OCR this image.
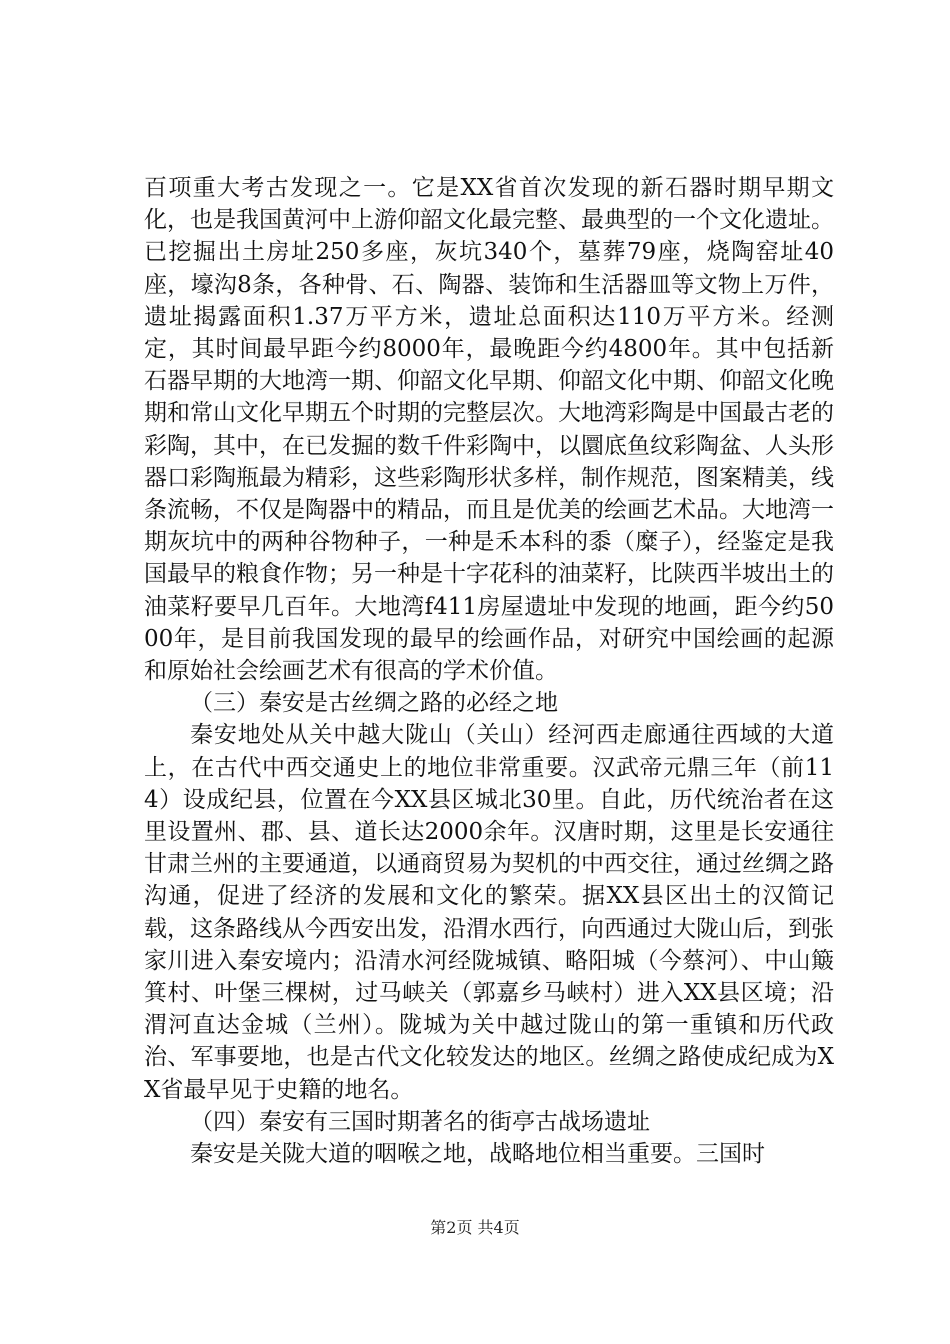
百项重大考古发现之一。它是XX省首次发现的新石器时期早期文化，也是我国黄河中上游仰韶文化最完整、最典型的一个文化遗址。已挖掘出土房址250多座，灰坑340个，墓葬79座，烧陶窑址40座，壕沟8条，各种骨、石、陶器、装饰和生活器皿等文物上万件，遗址揭露面积1.37万平方米，遗址总面积达110万平方米。经测定，其时间最早距今约8000年，最晚距今约4800年。其中包括新石器早期的大地湾一期、仰韶文化早期、仰韶文化中期、仰韶文化晚期和常山文化早期五个时期的完整层次。大地湾彩陶是中国最古老的彩陶，其中，在已发掘的数千件彩陶中，以圜底鱼纹彩陶盆、人头形器口彩陶瓶最为精彩，这些彩陶形状多样，制作规范，图案精美，线条流畅，不仅是陶器中的精品，而且是优美的绘画艺术品。大地湾一期灰坑中的两种谷物种子，一种是禾本科的黍（糜子），经鉴定是我国最早的粮食作物；另一种是十字花科的油菜籽，比陕西半坡出土的油菜籽要早几百年。大地湾f411房屋遗址中发现的地画，距今约5000年，是目前我国发现的最早的绘画作品，对研究中国绘画的起源和原始社会绘画艺术有很高的学术价值。

（三）秦安是古丝绸之路的必经之地

秦安地处从关中越大陇山（关山）经河西走廊通往西域的大道上，在古代中西交通史上的地位非常重要。汉武帝元鼎三年（前114）设成纪县，位置在今XX县区城北30里。自此，历代统治者在这里设置州、郡、县、道长达2000余年。汉唐时期，这里是长安通往甘肃兰州的主要通道，以通商贸易为契机的中西交往，通过丝绸之路沟通，促进了经济的发展和文化的繁荣。据XX县区出土的汉简记载，这条路线从今西安出发，沿渭水西行，向西通过大陇山后，到张家川进入秦安境内；沿清水河经陇城镇、略阳城（今蔡河）、中山簸箕村、叶堡三棵树，过马峡关（郭嘉乡马峡村）进入XX县区境；沿渭河直达金城（兰州）。陇城为关中越过陇山的第一重镇和历代政治、军事要地，也是古代文化较发达的地区。丝绸之路使成纪成为XX省最早见于史籍的地名。

（四）秦安有三国时期著名的街亭古战场遗址

秦安是关陇大道的咽喉之地，战略地位相当重要。三国时

第2页 共4页
